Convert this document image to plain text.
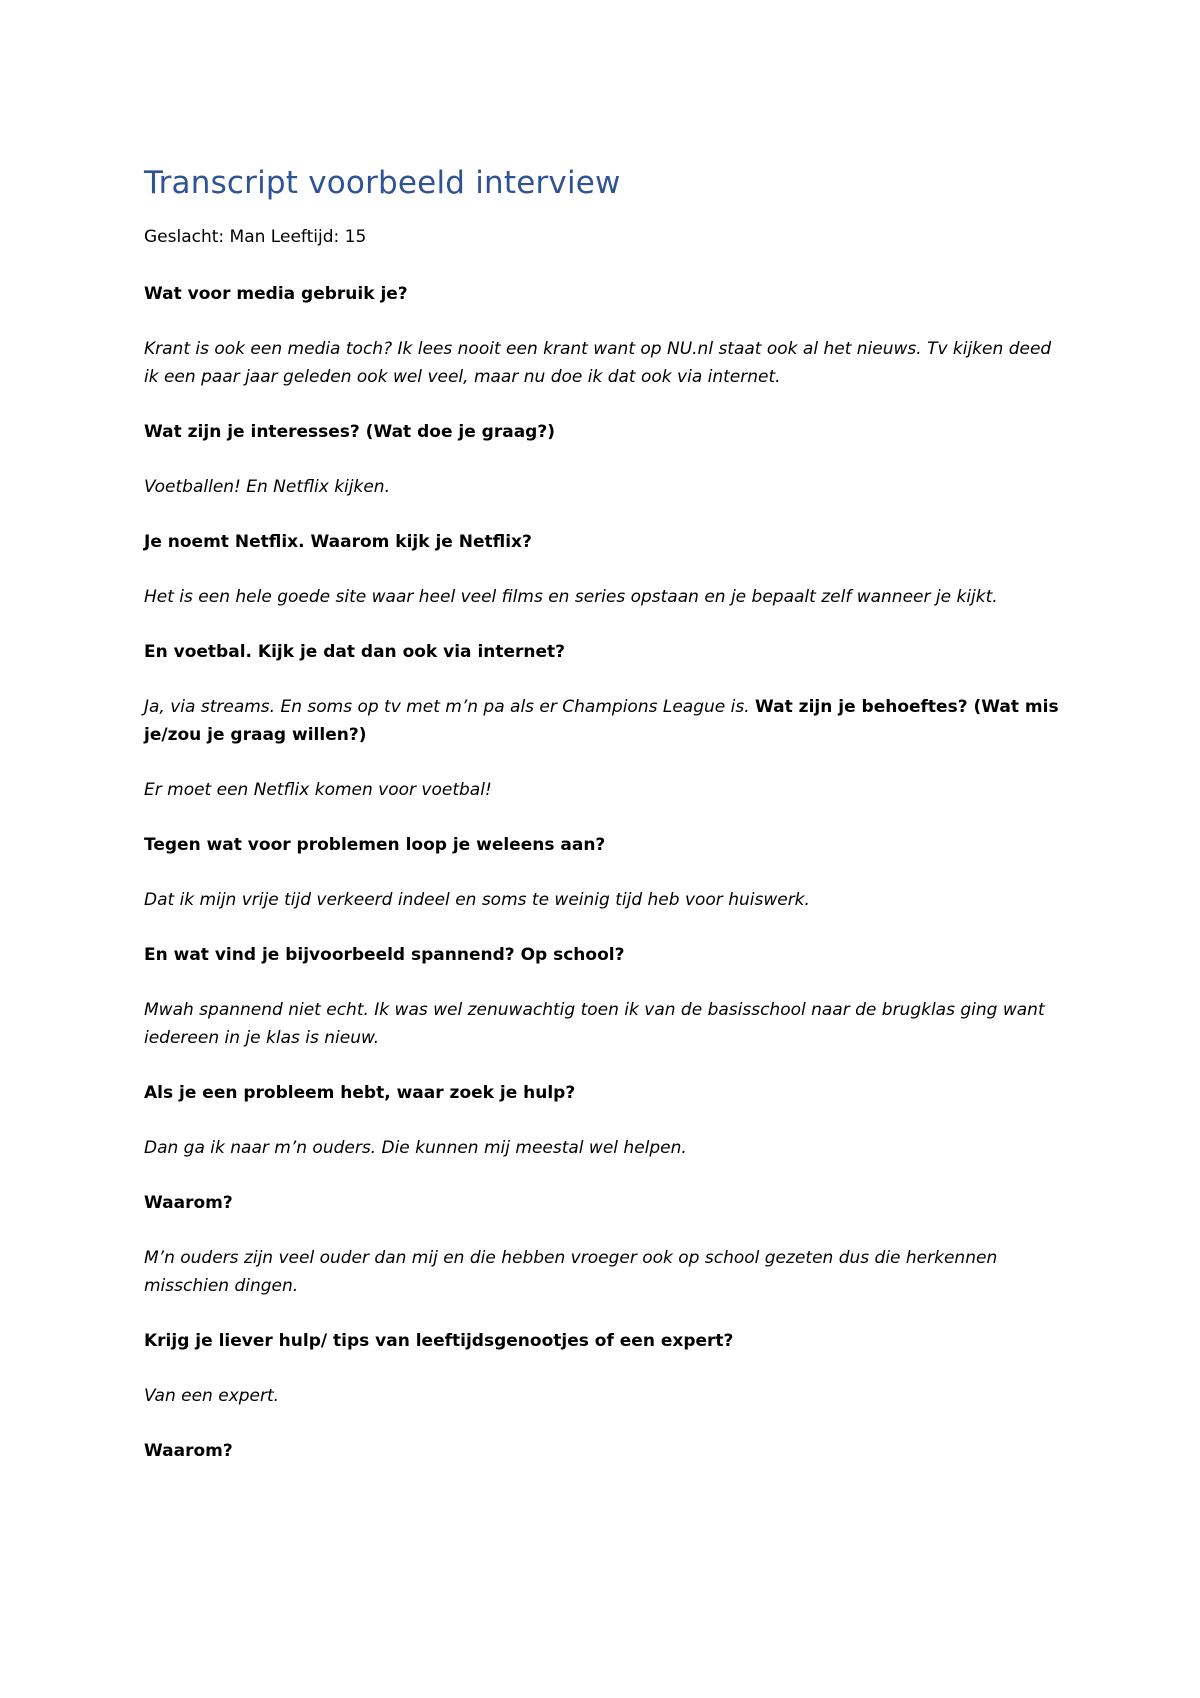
Transcript voorbeeld interview

Geslacht: Man Leeftijd: 15

Wat voor media gebruik je?

Krant is ook een media toch? Ik lees nooit een krant want op NU.nl staat ook al het nieuws. Tv kijken deed ik een paar jaar geleden ook wel veel, maar nu doe ik dat ook via internet.

Wat zijn je interesses? (Wat doe je graag?)

Voetballen! En Netflix kijken.

Je noemt Netflix. Waarom kijk je Netflix?

Het is een hele goede site waar heel veel films en series opstaan en je bepaalt zelf wanneer je kijkt.

En voetbal. Kijk je dat dan ook via internet?

Ja, via streams. En soms op tv met m’n pa als er Champions League is. Wat zijn je behoeftes? (Wat mis je/zou je graag willen?)

Er moet een Netflix komen voor voetbal!

Tegen wat voor problemen loop je weleens aan?

Dat ik mijn vrije tijd verkeerd indeel en soms te weinig tijd heb voor huiswerk.

En wat vind je bijvoorbeeld spannend? Op school?

Mwah spannend niet echt. Ik was wel zenuwachtig toen ik van de basisschool naar de brugklas ging want iedereen in je klas is nieuw.

Als je een probleem hebt, waar zoek je hulp?

Dan ga ik naar m’n ouders. Die kunnen mij meestal wel helpen.

Waarom?

M’n ouders zijn veel ouder dan mij en die hebben vroeger ook op school gezeten dus die herkennen misschien dingen.

Krijg je liever hulp/ tips van leeftijdsgenootjes of een expert?

Van een expert.

Waarom?
